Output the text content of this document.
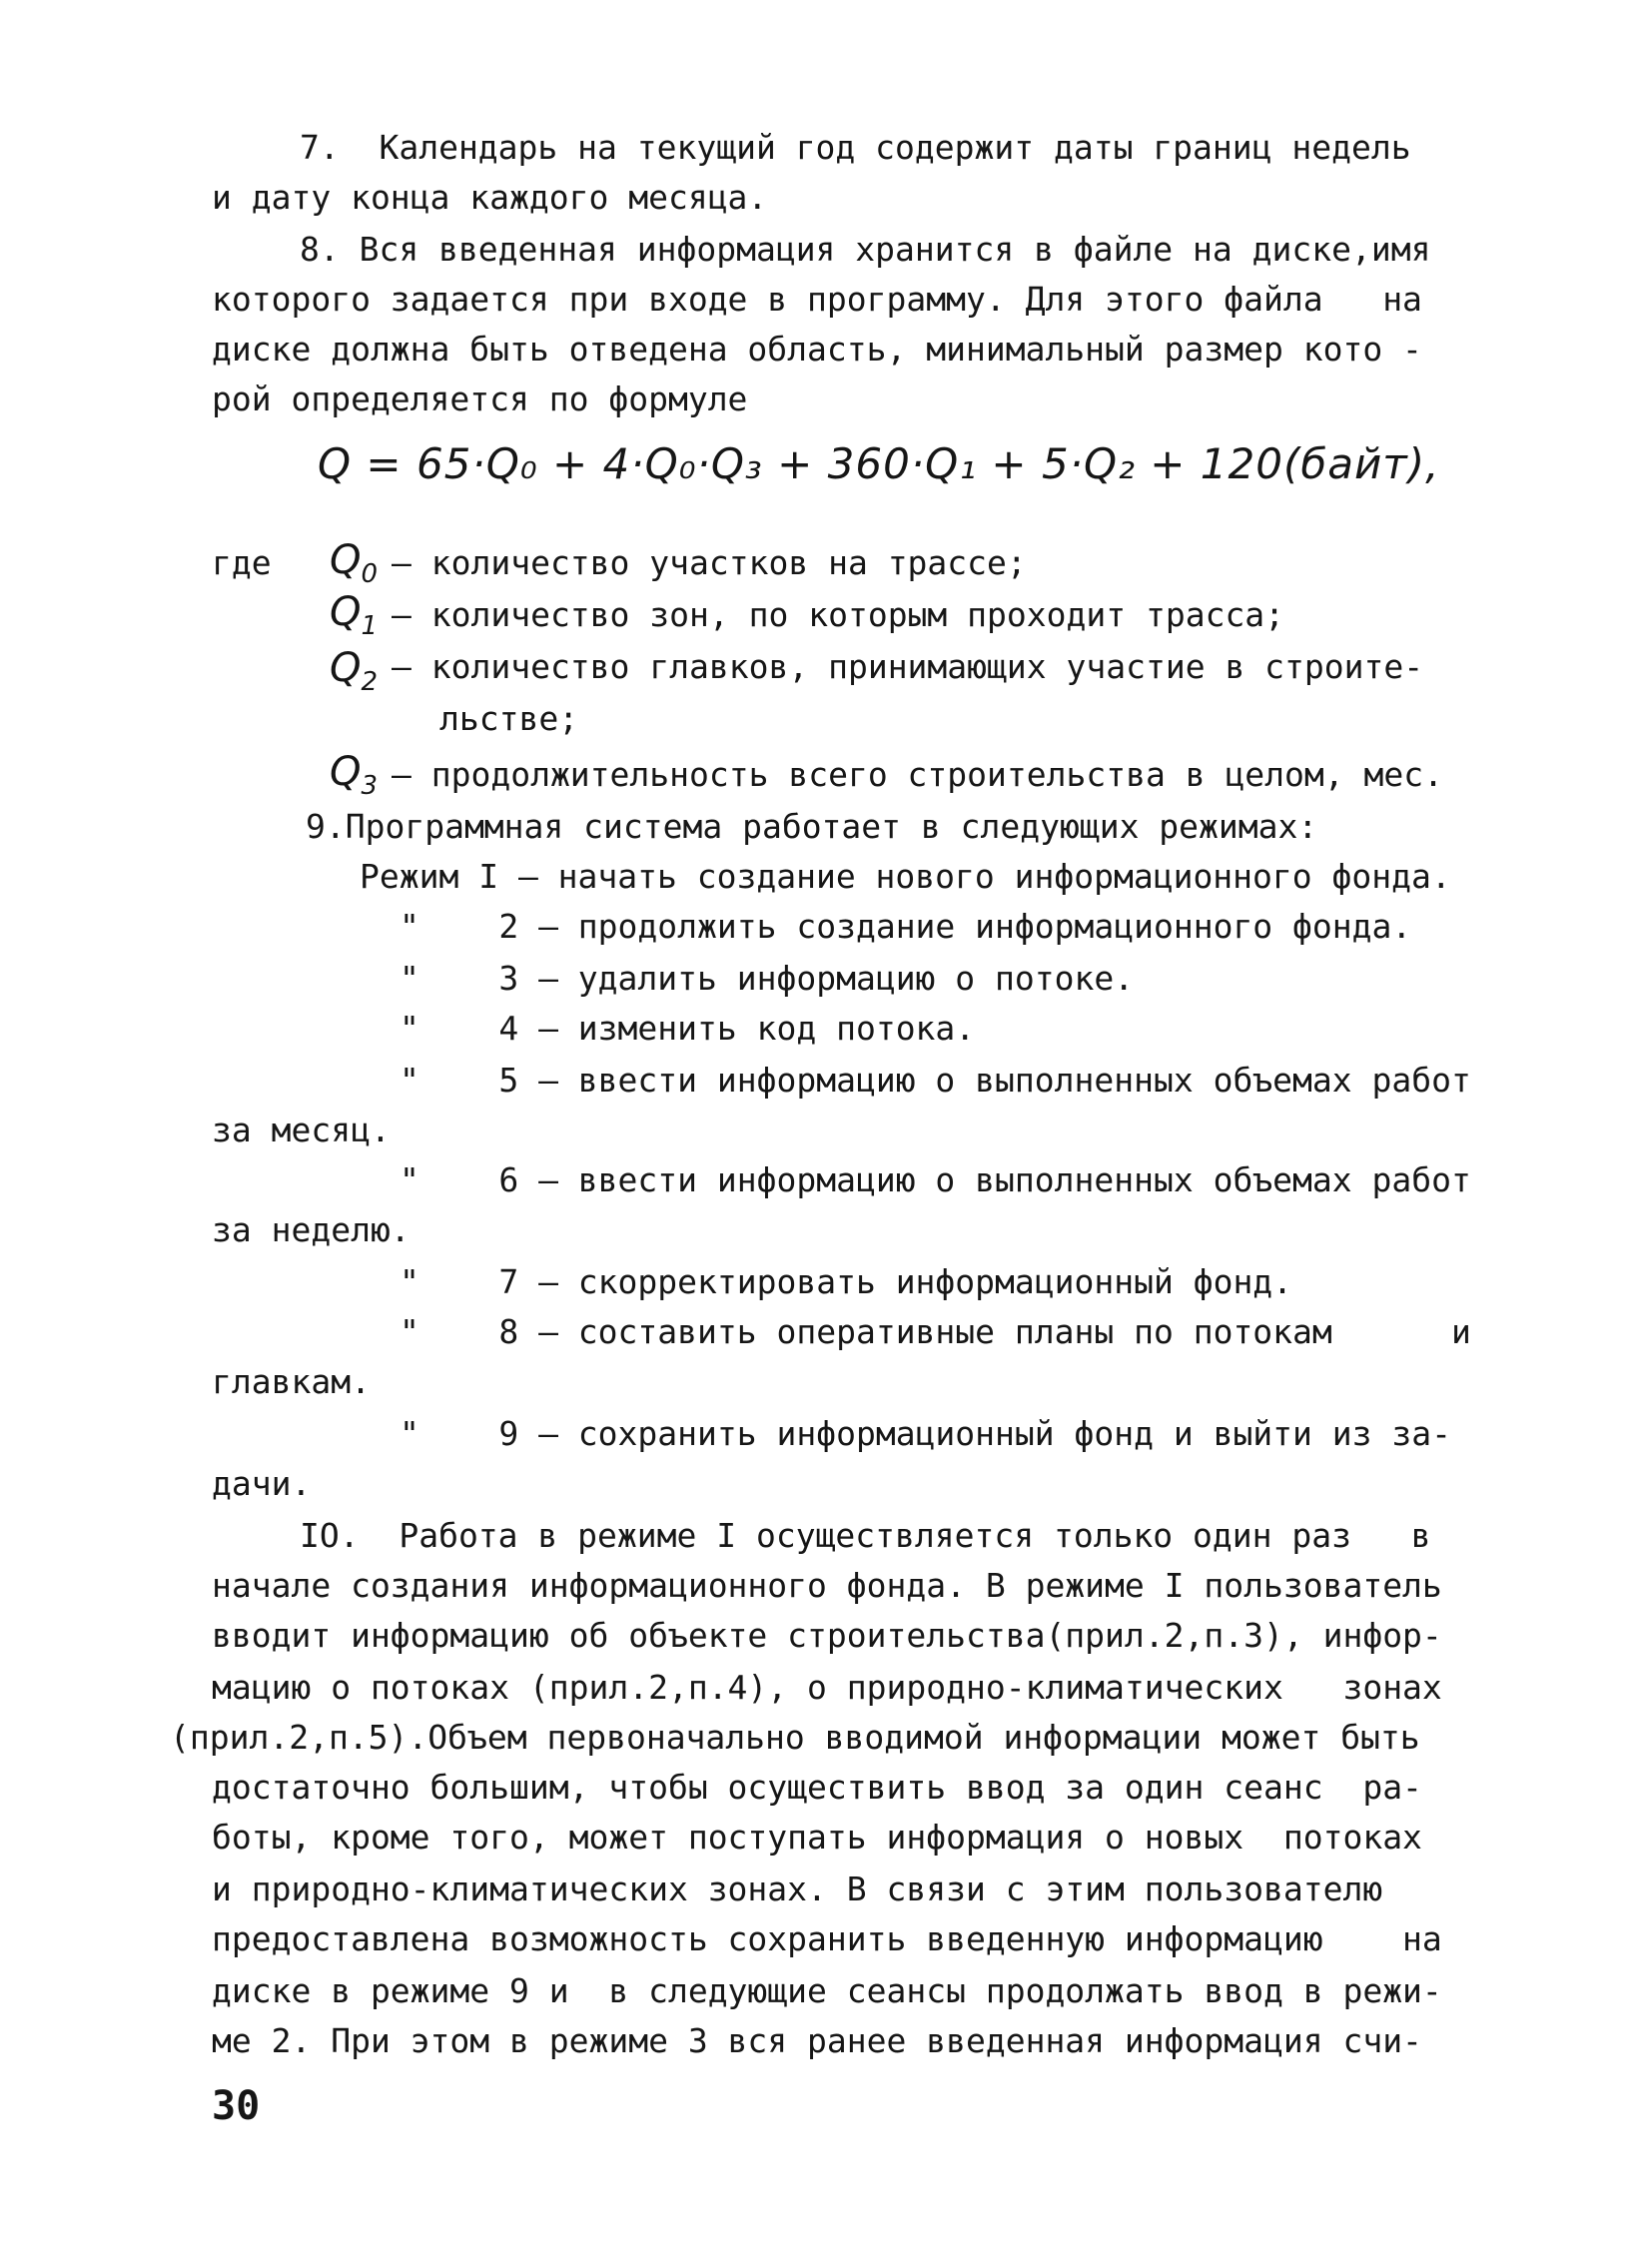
7.  Календарь на текущий год содержит даты границ недель
и дату конца каждого месяца.
8. Вся введенная информация хранится в файле на диске,имя
которого задается при входе в программу. Для этого файла   на
диске должна быть отведена область, минимальный размер кото -
рой определяется по формуле
Q = 65·Q₀ + 4·Q₀·Q₃ + 360·Q₁ + 5·Q₂ + 120(байт),
где $Q_0$ – количество участков на трассе;
$Q_1$ – количество зон, по которым проходит трасса;
$Q_2$ – количество главков, принимающих участие в строите-
льстве;
$Q_3$ – продолжительность всего строительства в целом, мес.
9.Программная система работает в следующих режимах:
Режим I – начать создание нового информационного фонда.
"    2 – продолжить создание информационного фонда.
"    3 – удалить информацию о потоке.
"    4 – изменить код потока.
"    5 – ввести информацию о выполненных объемах работ
за месяц.
"    6 – ввести информацию о выполненных объемах работ
за неделю.
"    7 – скорректировать информационный фонд.
"    8 – составить оперативные планы по потокам      и
главкам.
"    9 – сохранить информационный фонд и выйти из за-
дачи.
IO.  Работа в режиме I осуществляется только один раз   в
начале создания информационного фонда. В режиме I пользователь
вводит информацию об объекте строительства(прил.2,п.3), инфор-
мацию о потоках (прил.2,п.4), о природно-климатических   зонах
(прил.2,п.5).Объем первоначально вводимой информации может быть
достаточно большим, чтобы осуществить ввод за один сеанс  ра-
боты, кроме того, может поступать информация о новых  потоках
и природно-климатических зонах. В связи с этим пользователю
предоставлена возможность сохранить введенную информацию    на
диске в режиме 9 и  в следующие сеансы продолжать ввод в режи-
ме 2. При этом в режиме 3 вся ранее введенная информация счи-
30
